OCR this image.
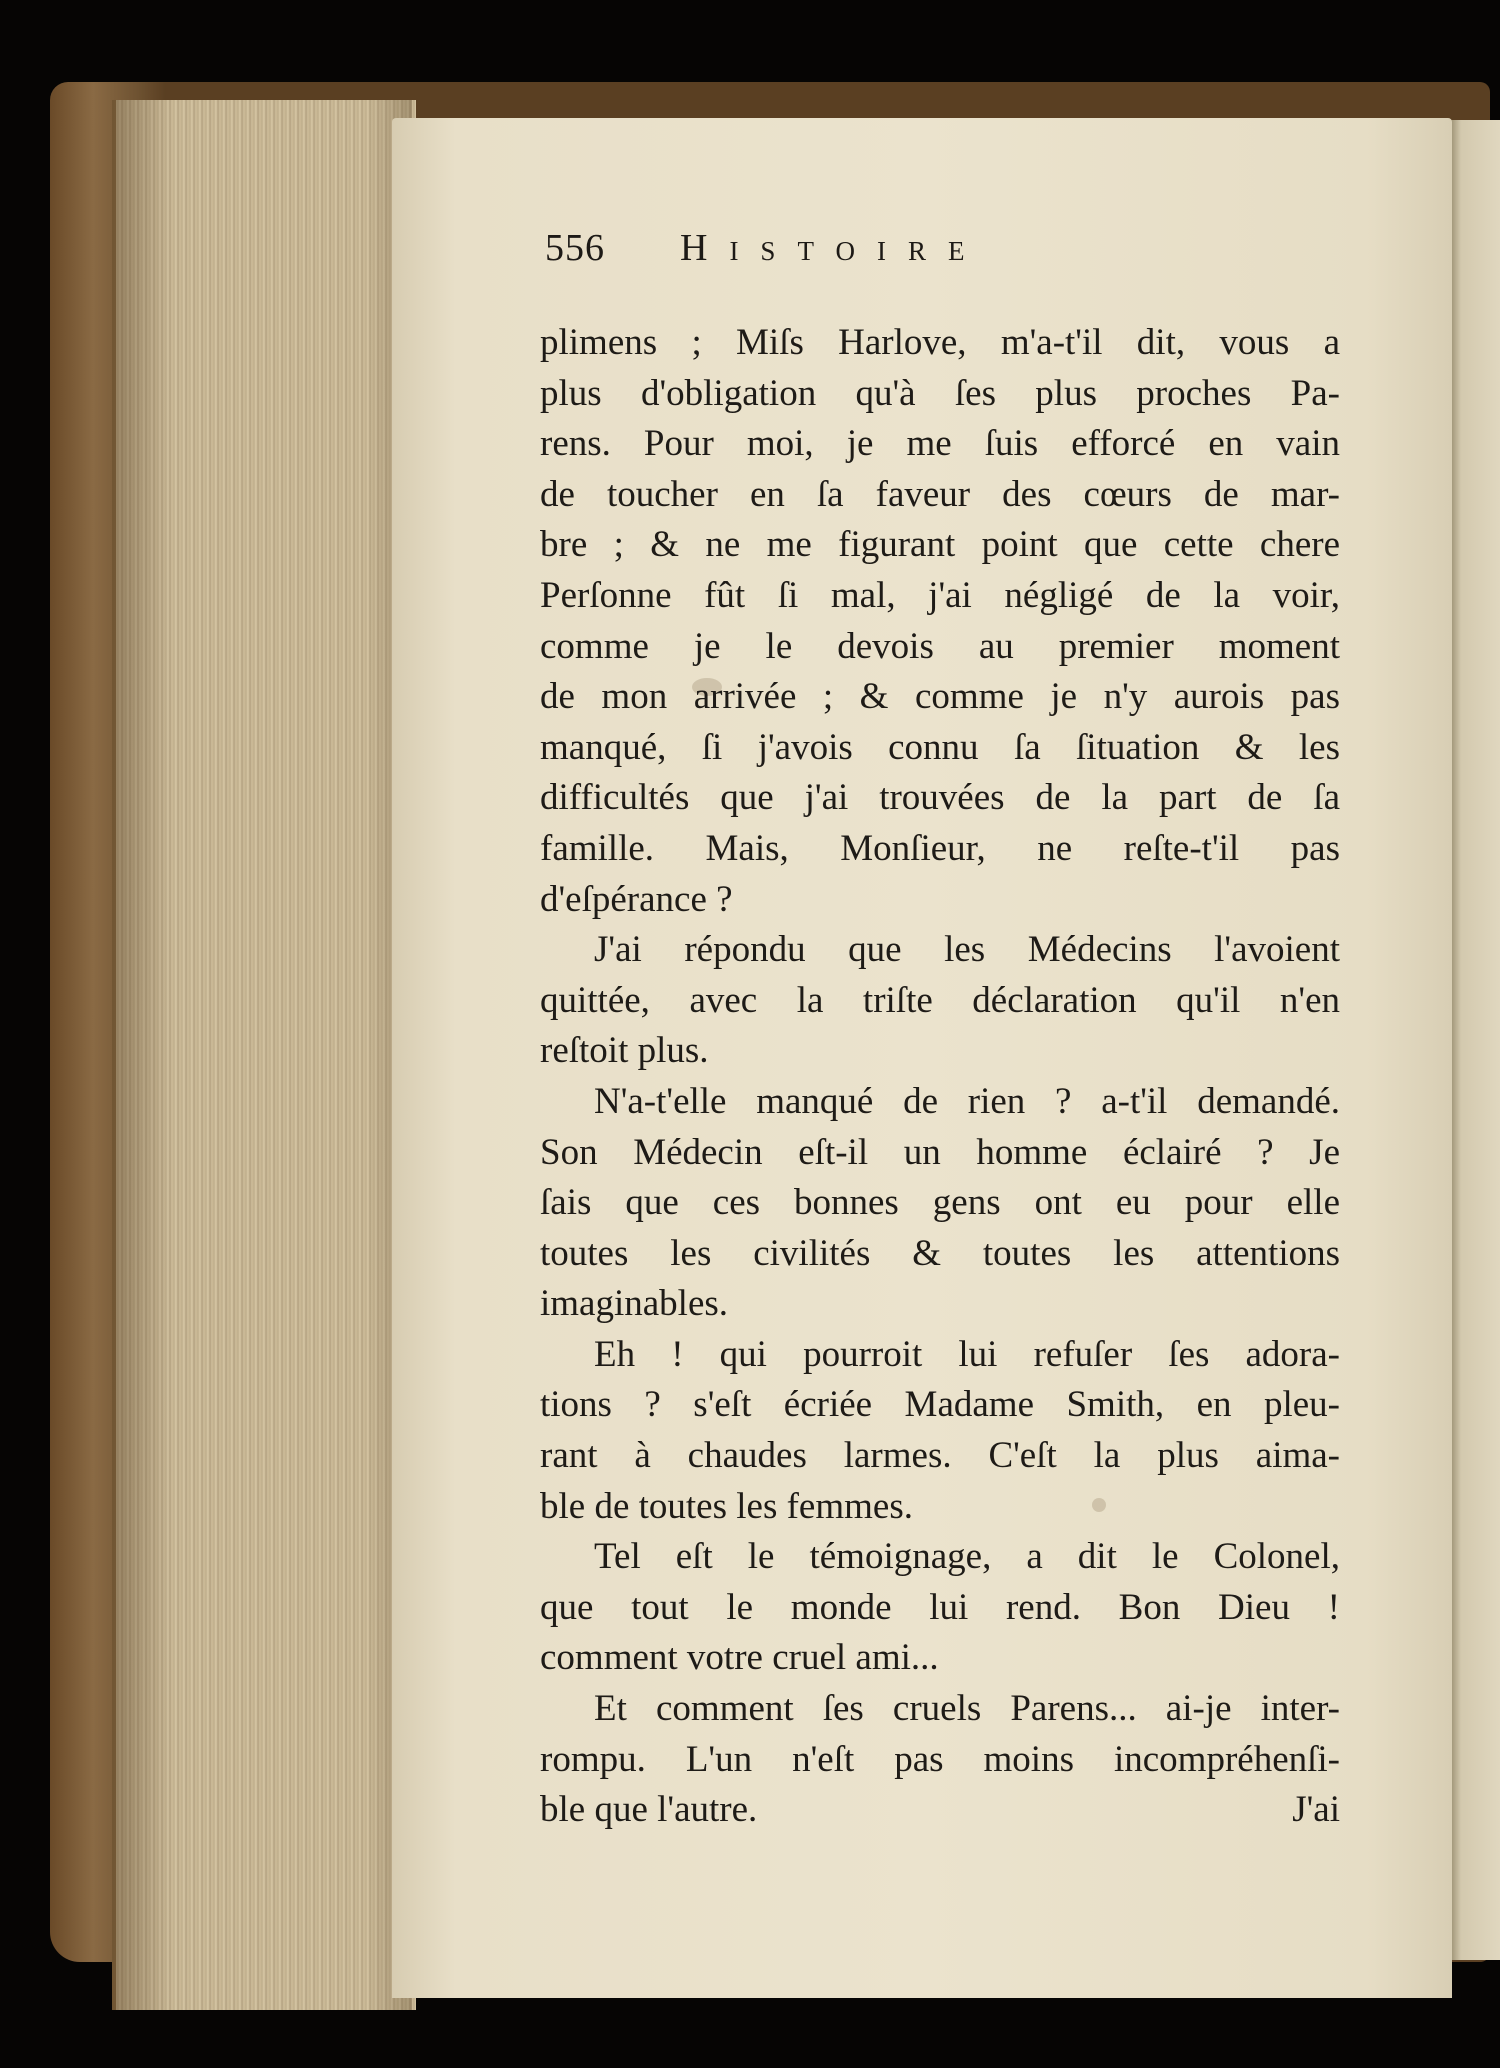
556 Histoire
plimens ; Miſs Harlove, m'a-t'il dit, vous a
plus d'obligation qu'à ſes plus proches Pa-
rens. Pour moi, je me ſuis efforcé en vain
de toucher en ſa faveur des cœurs de mar-
bre ; & ne me figurant point que cette chere
Perſonne fût ſi mal, j'ai négligé de la voir,
comme je le devois au premier moment
de mon arrivée ; & comme je n'y aurois pas
manqué, ſi j'avois connu ſa ſituation & les
difficultés que j'ai trouvées de la part de ſa
famille. Mais, Monſieur, ne reſte-t'il pas
d'eſpérance ?
J'ai répondu que les Médecins l'avoient
quittée, avec la triſte déclaration qu'il n'en
reſtoit plus.
N'a-t'elle manqué de rien ? a-t'il demandé.
Son Médecin eſt-il un homme éclairé ? Je
ſais que ces bonnes gens ont eu pour elle
toutes les civilités & toutes les attentions
imaginables.
Eh ! qui pourroit lui refuſer ſes adora-
tions ? s'eſt écriée Madame Smith, en pleu-
rant à chaudes larmes. C'eſt la plus aima-
ble de toutes les femmes.
Tel eſt le témoignage, a dit le Colonel,
que tout le monde lui rend. Bon Dieu !
comment votre cruel ami...
Et comment ſes cruels Parens... ai-je inter-
rompu. L'un n'eſt pas moins incompréhenſi-
ble que l'autre.	J'ai
